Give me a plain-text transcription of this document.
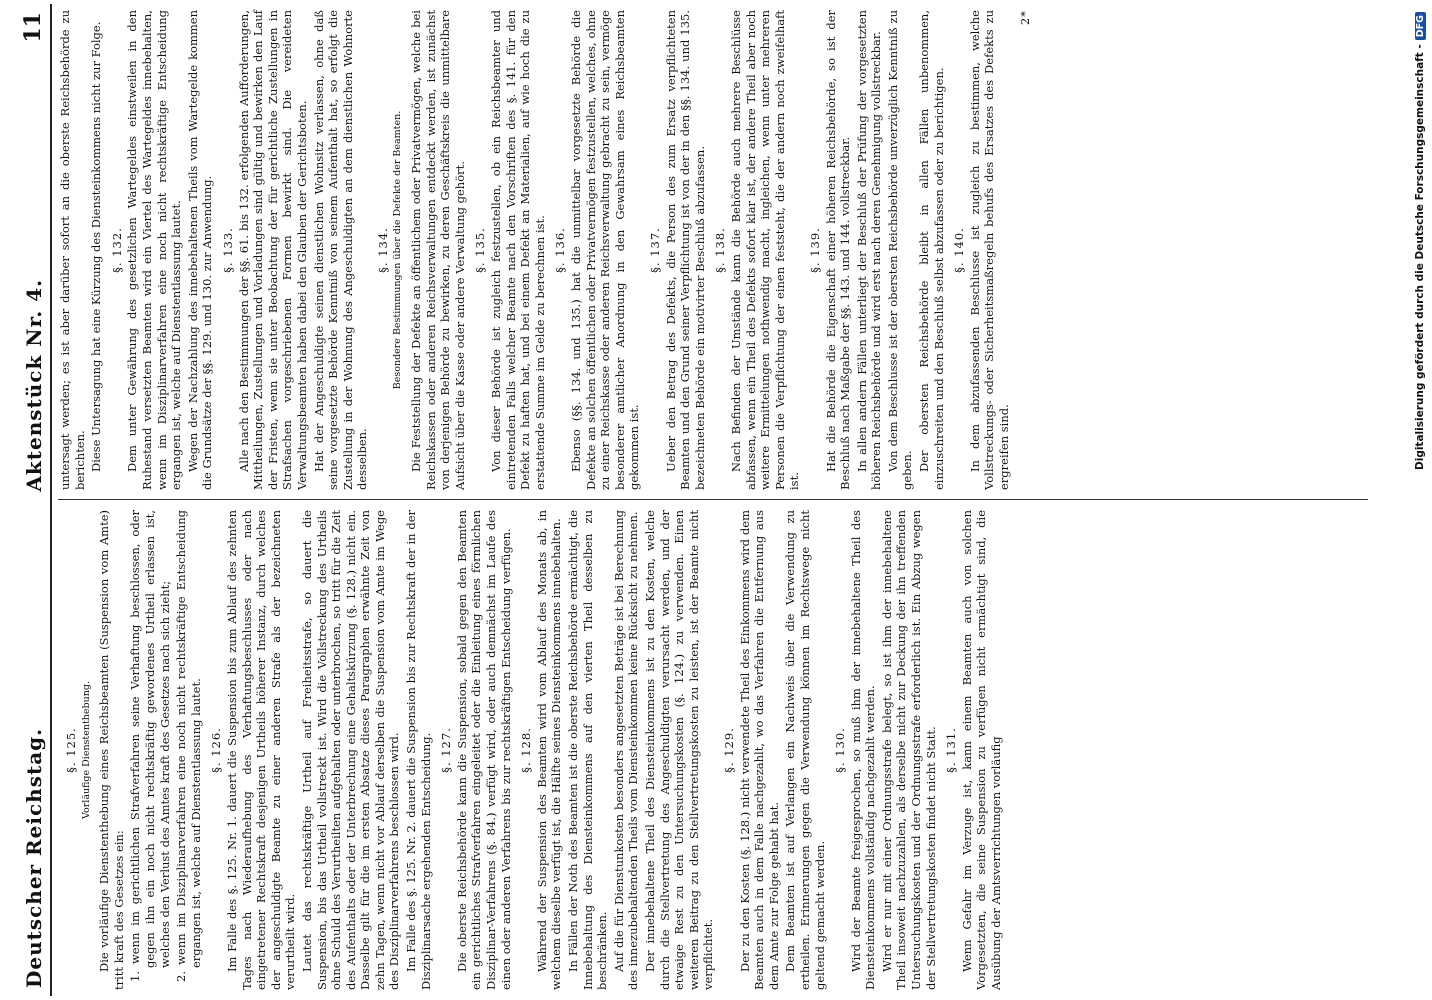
Deutscher Reichstag.
Aktenstück Nr. 4.
11
§. 125. Vorläufige Dienstenthebung. Die vorläufige Dienstenthebung eines Reichsbeamten (Suspension vom Amte) tritt kraft des Gesetzes ein: 1. wenn im gerichtlichen Strafverfahren seine Verhaftung beschlossen, oder gegen ihn ein noch nicht rechtskräftig gewordenes Urtheil erlassen ist, welches den Verlust des Amtes kraft des Gesetzes nach sich zieht; 2. wenn im Disziplinarverfahren eine noch nicht rechtskräftige Entscheidung ergangen ist, welche auf Dienstentlassung lautet. §. 126. Im Falle des §. 125. Nr. 1. dauert die Suspension bis zum Ablauf des zehnten Tages nach Wiederaufhebung des Verhaftungsbeschlusses oder nach eingetretener Rechtskraft desjenigen Urtheils höherer Instanz, durch welches der angeschuldigte Beamte zu einer anderen Strafe als der bezeichneten verurtheilt wird. Lautet das rechtskräftige Urtheil auf Freiheitsstrafe, so dauert die Suspension, bis das Urtheil vollstreckt ist. Wird die Vollstreckung des Urtheils ohne Schuld des Verurtheilten aufgehalten oder unterbrochen, so tritt für die Zeit des Aufenthalts oder der Unterbrechung eine Gehaltskürzung (§. 128.) nicht ein. Dasselbe gilt für die im ersten Absatze dieses Paragraphen erwähnte Zeit von zehn Tagen, wenn nicht vor Ablauf derselben die Suspension vom Amte im Wege des Disziplinarverfahrens beschlossen wird. Im Falle des §. 125. Nr. 2. dauert die Suspension bis zur Rechtskraft der in der Disziplinarsache ergehenden Entscheidung. §. 127. Die oberste Reichsbehörde kann die Suspension, sobald gegen den Beamten ein gerichtliches Strafverfahren eingeleitet oder die Einleitung eines förmlichen Disziplinar-Verfahrens (§. 84.) verfügt wird, oder auch demnächst im Laufe des einen oder anderen Verfahrens bis zur rechtskräftigen Entscheidung verfügen. §. 128. Während der Suspension des Beamten wird vom Ablauf des Monats ab, in welchem dieselbe verfügt ist, die Hälfte seines Diensteinkommens innebehalten. In Fällen der Noth des Beamten ist die oberste Reichsbehörde ermächtigt, die Innebehaltung des Diensteinkommens auf den vierten Theil desselben zu beschränken. Auf die für Dienstunkosten besonders angesetzten Beträge ist bei Berechnung des innezubehaltenden Theils vom Diensteinkommen keine Rücksicht zu nehmen. Der innebehaltene Theil des Diensteinkommens ist zu den Kosten, welche durch die Stellvertretung des Angeschuldigten verursacht werden, und der etwaige Rest zu den Untersuchungskosten (§. 124.) zu verwenden. Einen weiteren Beitrag zu den Stellvertretungskosten zu leisten, ist der Beamte nicht verpflichtet.
§. 129. Der zu den Kosten (§. 128.) nicht verwendete Theil des Einkommens wird dem Beamten auch in dem Falle nachgezahlt, wo das Verfahren die Entfernung aus dem Amte zur Folge gehabt hat. Dem Beamten ist auf Verlangen ein Nachweis über die Verwendung zu ertheilen. Erinnerungen gegen die Verwendung können im Rechtswege nicht geltend gemacht werden.
§. 130. Wird der Beamte freigesprochen, so muß ihm der innebehaltene Theil des Diensteinkommens vollständig nachgezahlt werden. Wird er nur mit einer Ordnungsstrafe belegt, so ist ihm der innebehaltene Theil insoweit nachzuzahlen, als derselbe nicht zur Deckung der ihn treffenden Untersuchungskosten und der Ordnungsstrafe erforderlich ist. Ein Abzug wegen der Stellvertretungskosten findet nicht Statt. §. 131. Wenn Gefahr im Verzuge ist, kann einem Beamten auch von solchen Vorgesetzten, die seine Suspension zu verfügen nicht ermächtigt sind, die Ausübung der Amtsverrichtungen vorläufig
untersagt werden; es ist aber darüber sofort an die oberste Reichsbehörde zu berichten. Diese Untersagung hat eine Kürzung des Diensteinkommens nicht zur Folge. §. 132. Dem unter Gewährung des gesetzlichen Wartegeldes einstweilen in den Ruhestand versetzten Beamten wird ein Viertel des Wartegeldes innebehalten, wenn im Disziplinarverfahren eine noch nicht rechtskräftige Entscheidung ergangen ist, welche auf Dienstentlassung lautet. Wegen der Nachzahlung des innebehaltenen Theils vom Wartegelde kommen die Grundsätze der §§. 129. und 130. zur Anwendung. §. 133. Alle nach den Bestimmungen der §§. 61. bis 132. erfolgenden Aufforderungen, Mittheilungen, Zustellungen und Vorladungen sind gültig und bewirken den Lauf der Fristen, wenn sie unter Beobachtung der für gerichtliche Zustellungen in Strafsachen vorgeschriebenen Formen bewirkt sind. Die vereideten Verwaltungsbeamten haben dabei den Glauben der Gerichtsboten. Hat der Angeschuldigte seinen dienstlichen Wohnsitz verlassen, ohne daß seine vorgesetzte Behörde Kenntniß von seinem Aufenthalt hat, so erfolgt die Zustellung in der Wohnung des Angeschuldigten an dem dienstlichen Wohnorte desselben.
§. 134. Besondere Bestimmungen über die Defekte der Beamten. Die Feststellung der Defekte an öffentlichem oder Privatvermögen, welche bei Reichskassen oder anderen Reichsverwaltungen entdeckt werden, ist zunächst von derjenigen Behörde zu bewirken, zu deren Geschäftskreis die unmittelbare Aufsicht über die Kasse oder andere Verwaltung gehört. §. 135. Von dieser Behörde ist zugleich festzustellen, ob ein Reichsbeamter und eintretenden Falls welcher Beamte nach den Vorschriften des §. 141. für den Defekt zu haften hat, und bei einem Defekt an Materialien, auf wie hoch die zu erstattende Summe im Gelde zu berechnen ist. §. 136. Ebenso (§§. 134. und 135.) hat die unmittelbar vorgesetzte Behörde die Defekte an solchen öffentlichen oder Privatvermögen festzustellen, welches, ohne zu einer Reichskasse oder anderen Reichsverwaltung gebracht zu sein, vermöge besonderer amtlicher Anordnung in den Gewahrsam eines Reichsbeamten gekommen ist.
§. 137. Ueber den Betrag des Defekts, die Person des zum Ersatz verpflichteten Beamten und den Grund seiner Verpflichtung ist von der in den §§. 134. und 135. bezeichneten Behörde ein motivirter Beschluß abzufassen. §. 138. Nach Befinden der Umstände kann die Behörde auch mehrere Beschlüsse abfassen, wenn ein Theil des Defekts sofort klar ist, der andere Theil aber noch weitere Ermittelungen nothwendig macht, ingleichen, wenn unter mehreren Personen die Verpflichtung der einen feststeht, die der andern noch zweifelhaft ist.
§. 139. Hat die Behörde die Eigenschaft einer höheren Reichsbehörde, so ist der Beschluß nach Maßgabe der §§. 143. und 144. vollstreckbar. In allen andern Fällen unterliegt der Beschluß der Prüfung der vorgesetzten höheren Reichsbehörde und wird erst nach deren Genehmigung vollstreckbar. Von dem Beschlusse ist der obersten Reichsbehörde unverzüglich Kenntniß zu geben. Der obersten Reichsbehörde bleibt in allen Fällen unbenommen, einzuschreiten und den Beschluß selbst abzufassen oder zu berichtigen. §. 140. In dem abzufassenden Beschlusse ist zugleich zu bestimmen, welche Vollstreckungs- oder Sicherheitsmaßregeln behufs des Ersatzes des Defekts zu ergreifen sind.
2*
Digitalisierung gefördert durch die Deutsche Forschungsgemeinschaft -DFG
